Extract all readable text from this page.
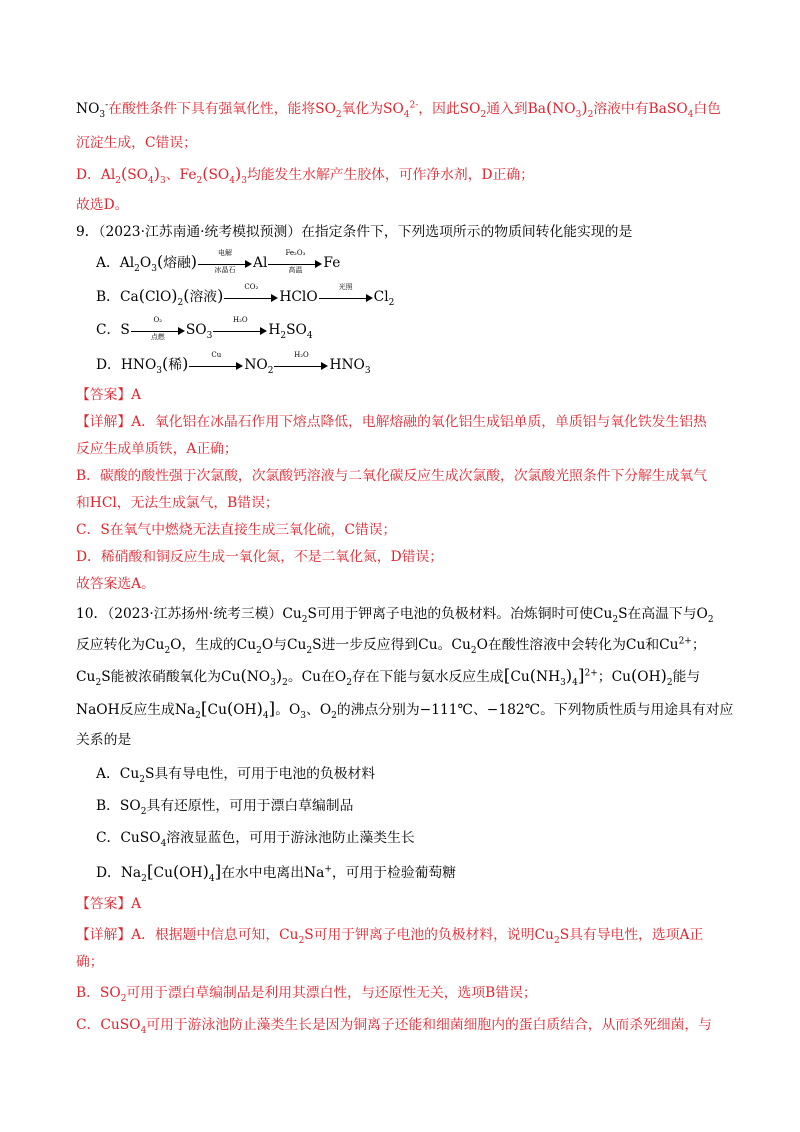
$NO_3^-$在酸性条件下具有强氧化性，能将$SO_2$氧化为$SO_4^{2-}$，因此$SO_2$通入到$Ba(NO_3)_2$溶液中有BaSO$_4$白色
沉淀生成，C错误；
D．$Al_2(SO_4)_3$、$Fe_2(SO_4)_3$均能发生水解产生胶体，可作净水剂，D正确；
故选D。
9．（2023·江苏南通·统考模拟预测）在指定条件下，下列选项所示的物质间转化能实现的是
A．$Al_2O_3$(熔融)	电解
冰晶石	Al
Fe₂O₃
高温	Fe
B．$Ca(ClO)_2$(溶液)	CO₂
HClO
光照
$Cl_2$
C．S
O₂
点燃	$SO_3$
H₂O
$H_2SO_4$
D．$HNO_3$(稀)	Cu
$NO_2$
H₂O
$HNO_3$
【答案】A
【详解】A．氧化铝在冰晶石作用下熔点降低，电解熔融的氧化铝生成铝单质，单质铝与氧化铁发生铝热
反应生成单质铁，A正确；
B．碳酸的酸性强于次氯酸，次氯酸钙溶液与二氧化碳反应生成次氯酸，次氯酸光照条件下分解生成氧气
和HCl，无法生成氯气，B错误；
C．S在氧气中燃烧无法直接生成三氧化硫，C错误；
D．稀硝酸和铜反应生成一氧化氮，不是二氧化氮，D错误；
故答案选A。
10．（2023·江苏扬州·统考三模）$Cu_2S$可用于钾离子电池的负极材料。冶炼铜时可使$Cu_2S$在高温下与$O_2$
反应转化为$Cu_2O$，生成的$Cu_2O$与$Cu_2S$进一步反应得到Cu。$Cu_2O$在酸性溶液中会转化为Cu和$Cu^{2+}$；
$Cu_2S$能被浓硝酸氧化为$Cu(NO_3)_2$。Cu在$O_2$存在下能与氨水反应生成$[Cu(NH_3)_4]^{2+}$；$Cu(OH)_2$能与
NaOH反应生成$Na_2[Cu(OH)_4]$。$O_3$、$O_2$的沸点分别为−111℃、−182℃。下列物质性质与用途具有对应
关系的是
A．$Cu_2S$具有导电性，可用于电池的负极材料
B．$SO_2$具有还原性，可用于漂白草编制品
C．CuSO$_4$溶液显蓝色，可用于游泳池防止藻类生长
D．$Na_2[Cu(OH)_4]$在水中电离出Na+，可用于检验葡萄糖
【答案】A
【详解】A．根据题中信息可知，$Cu_2S$可用于钾离子电池的负极材料，说明$Cu_2S$具有导电性，选项A正
确；
B．$SO_2$可用于漂白草编制品是利用其漂白性，与还原性无关，选项B错误；
C．CuSO$_4$可用于游泳池防止藻类生长是因为铜离子还能和细菌细胞内的蛋白质结合，从而杀死细菌，与
